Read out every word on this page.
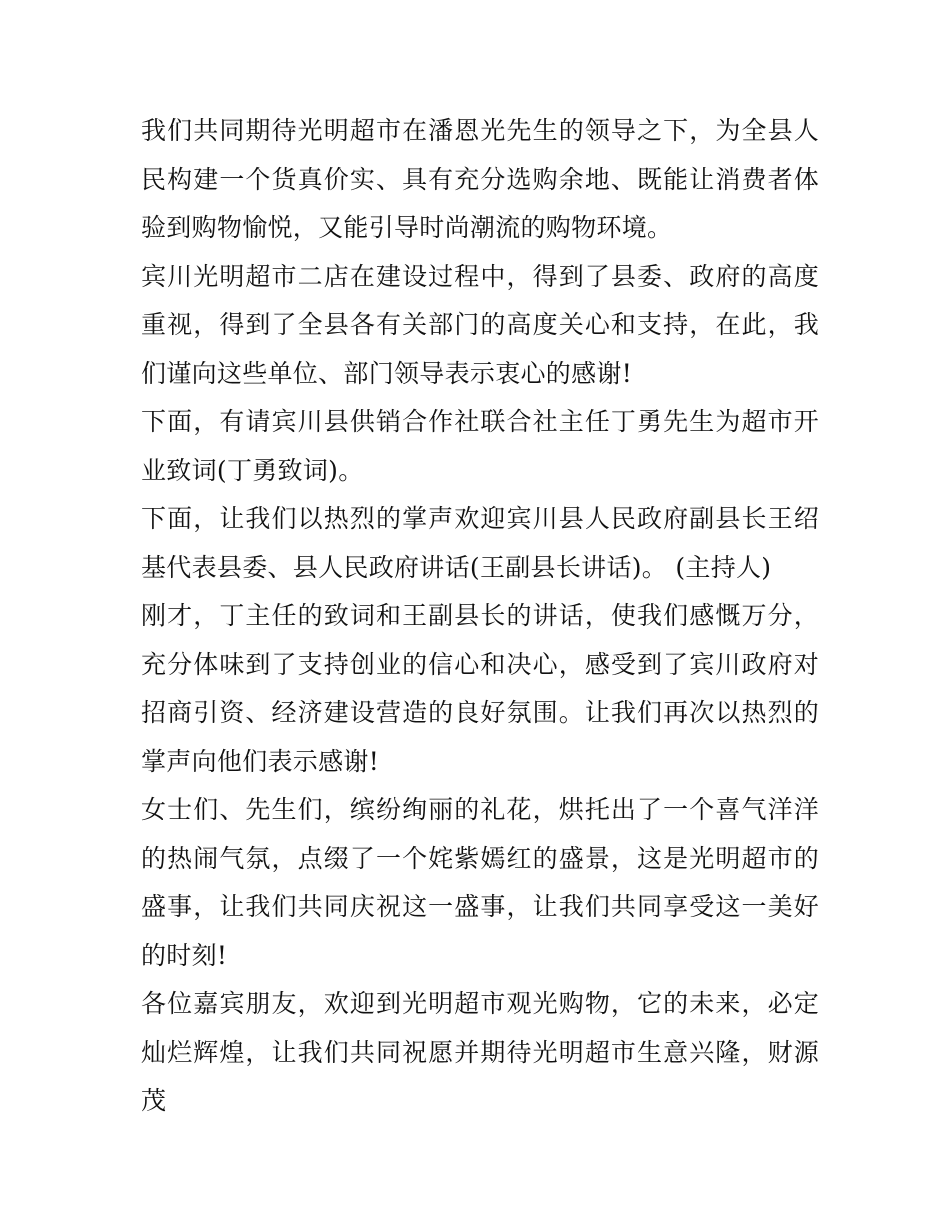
我们共同期待光明超市在潘恩光先生的领导之下，为全县人民构建一个货真价实、具有充分选购余地、既能让消费者体验到购物愉悦，又能引导时尚潮流的购物环境。

宾川光明超市二店在建设过程中，得到了县委、政府的高度重视，得到了全县各有关部门的高度关心和支持，在此，我们谨向这些单位、部门领导表示衷心的感谢!

下面，有请宾川县供销合作社联合社主任丁勇先生为超市开业致词(丁勇致词)。

下面，让我们以热烈的掌声欢迎宾川县人民政府副县长王绍基代表县委、县人民政府讲话(王副县长讲话)。 (主持人)

刚才，丁主任的致词和王副县长的讲话，使我们感慨万分，充分体味到了支持创业的信心和决心，感受到了宾川政府对招商引资、经济建设营造的良好氛围。让我们再次以热烈的掌声向他们表示感谢!

女士们、先生们，缤纷绚丽的礼花，烘托出了一个喜气洋洋的热闹气氛，点缀了一个姹紫嫣红的盛景，这是光明超市的盛事，让我们共同庆祝这一盛事，让我们共同享受这一美好的时刻!

各位嘉宾朋友，欢迎到光明超市观光购物，它的未来，必定灿烂辉煌，让我们共同祝愿并期待光明超市生意兴隆，财源茂
